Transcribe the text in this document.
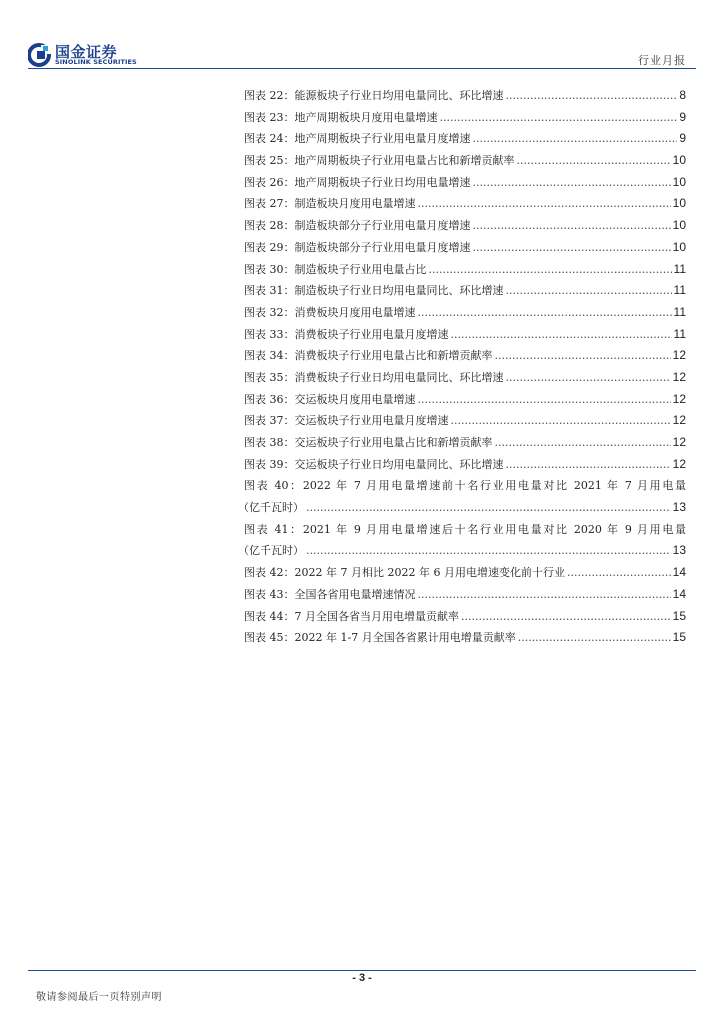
国金证券
SINOLINK SECURITIES	行业月报
图表 22：能源板块子行业日均用电量同比、环比增速 .....	8
图表 23：地产周期板块月度用电量增速 .....	9
图表 24：地产周期板块子行业用电量月度增速 .....	9
图表 25：地产周期板块子行业用电量占比和新增贡献率 .....	10
图表 26：地产周期板块子行业日均用电量增速 .....	10
图表 27：制造板块月度用电量增速 .....	10
图表 28：制造板块部分子行业用电量月度增速 .....	10
图表 29：制造板块部分子行业用电量月度增速 .....	10
图表 30：制造板块子行业用电量占比 .....	11
图表 31：制造板块子行业日均用电量同比、环比增速 .....	11
图表 32：消费板块月度用电量增速 .....	11
图表 33：消费板块子行业用电量月度增速 .....	11
图表 34：消费板块子行业用电量占比和新增贡献率 .....	12
图表 35：消费板块子行业日均用电量同比、环比增速 .....	12
图表 36：交运板块月度用电量增速 .....	12
图表 37：交运板块子行业用电量月度增速 .....	12
图表 38：交运板块子行业用电量占比和新增贡献率 .....	12
图表 39：交运板块子行业日均用电量同比、环比增速 .....	12
图表 40：2022 年 7 月用电量增速前十名行业用电量对比 2021 年 7 月用电量
（亿千瓦时） .....	13
图表 41：2021 年 9 月用电量增速后十名行业用电量对比 2020 年 9 月用电量
（亿千瓦时） .....	13
图表 42：2022 年 7 月相比 2022 年 6 月用电增速变化前十行业 .....	14
图表 43：全国各省用电量增速情况 .....	14
图表 44：7 月全国各省当月用电增量贡献率 .....	15
图表 45：2022 年 1-7 月全国各省累计用电增量贡献率 .....	15
- 3 -
敬请参阅最后一页特别声明
